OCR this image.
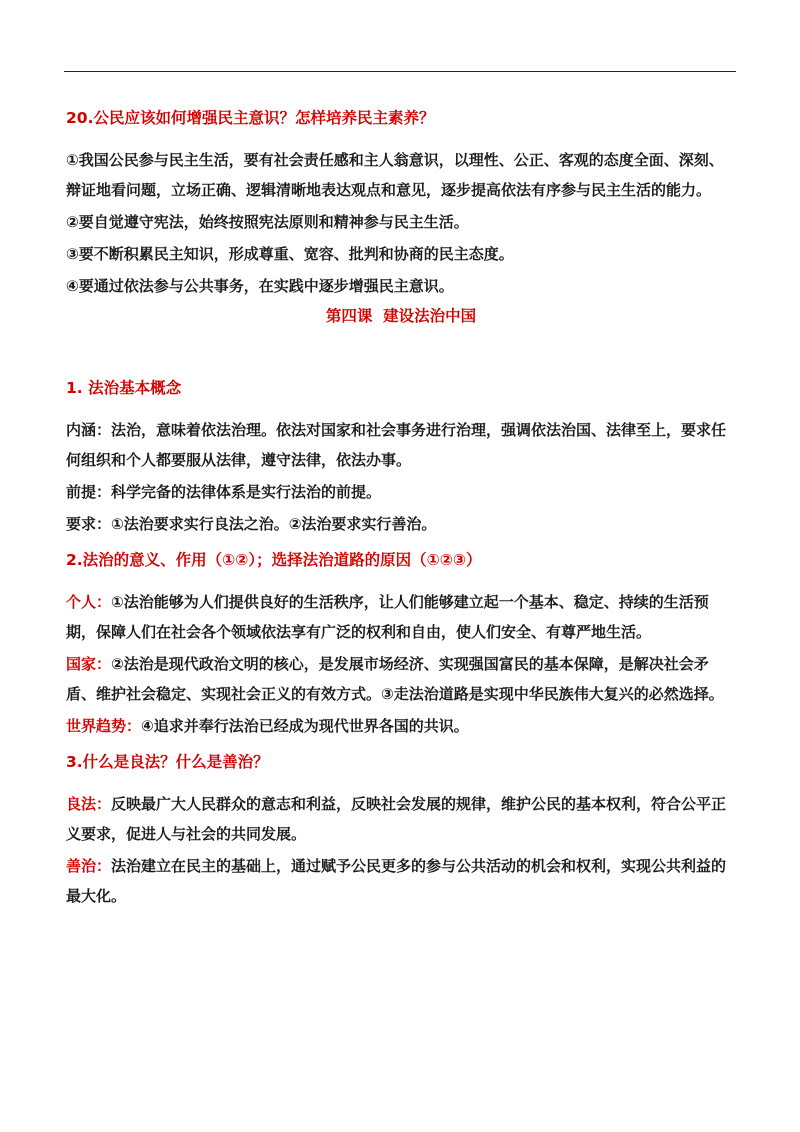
20.公民应该如何增强民主意识？怎样培养民主素养？

①我国公民参与民主生活，要有社会责任感和主人翁意识，以理性、公正、客观的态度全面、深刻、辩证地看问题，立场正确、逻辑清晰地表达观点和意见，逐步提高依法有序参与民主生活的能力。

②要自觉遵守宪法，始终按照宪法原则和精神参与民主生活。

③要不断积累民主知识，形成尊重、宽容、批判和协商的民主态度。

④要通过依法参与公共事务，在实践中逐步增强民主意识。

第四课  建设法治中国

1. 法治基本概念

内涵：法治，意味着依法治理。依法对国家和社会事务进行治理，强调依法治国、法律至上，要求任何组织和个人都要服从法律，遵守法律，依法办事。

前提：科学完备的法律体系是实行法治的前提。

要求：①法治要求实行良法之治。②法治要求实行善治。

2.法治的意义、作用（①②）；选择法治道路的原因（①②③）

个人：①法治能够为人们提供良好的生活秩序，让人们能够建立起一个基本、稳定、持续的生活预期，保障人们在社会各个领域依法享有广泛的权利和自由，使人们安全、有尊严地生活。

国家：②法治是现代政治文明的核心，是发展市场经济、实现强国富民的基本保障，是解决社会矛盾、维护社会稳定、实现社会正义的有效方式。③走法治道路是实现中华民族伟大复兴的必然选择。

世界趋势：④追求并奉行法治已经成为现代世界各国的共识。

3.什么是良法？什么是善治？

良法：反映最广大人民群众的意志和利益，反映社会发展的规律，维护公民的基本权利，符合公平正义要求，促进人与社会的共同发展。

善治：法治建立在民主的基础上，通过赋予公民更多的参与公共活动的机会和权利，实现公共利益的最大化。
